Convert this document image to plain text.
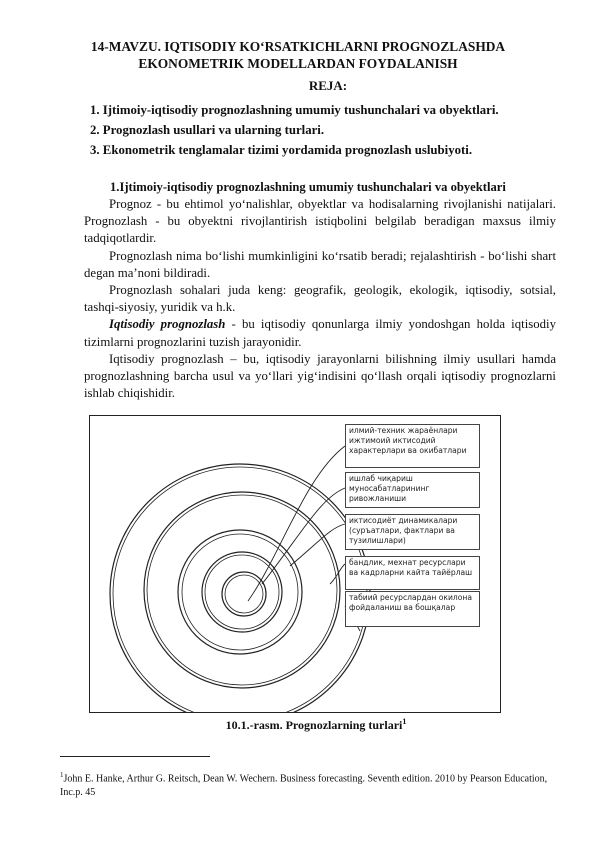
14-MAVZU. IQTISODIY KO‘RSATKICHLARNI PROGNOZLASHDA
EKONOMETRIK MODELLARDAN FOYDALANISH
REJA:
1. Ijtimoiy-iqtisodiy prognozlashning umumiy tushunchalari va obyektlari.
2. Prognozlash usullari va ularning turlari.
3. Ekonometrik tenglamalar tizimi yordamida prognozlash uslubiyoti.
1.Ijtimoiy-iqtisodiy prognozlashning umumiy tushunchalari va obyektlari

Prognoz - bu ehtimol yo‘nalishlar, obyektlar va hodisalarning rivojlanishi natijalari. Prognozlash - bu obyektni rivojlantirish istiqbolini belgilab beradigan maxsus ilmiy tadqiqotlardir.

Prognozlash nima bo‘lishi mumkinligini ko‘rsatib beradi; rejalashtirish - bo‘lishi shart degan ma’noni bildiradi.

Prognozlash sohalari juda keng: geografik, geologik, ekologik, iqtisodiy, sotsial, tashqi-siyosiy, yuridik va h.k.

Iqtisodiy prognozlash - bu iqtisodiy qonunlarga ilmiy yondoshgan holda iqtisodiy tizimlarni prognozlarini tuzish jarayonidir.

Iqtisodiy prognozlash – bu, iqtisodiy jarayonlarni bilishning ilmiy usullari hamda prognozlashning barcha usul va yo‘llari yig‘indisini qo‘llash orqali iqtisodiy prognozlarni ishlab chiqishidir.

илмий-техник жараёнлари ижтимоий иктисодий характерлари ва окибатлари
ишлаб чиқариш муносабатларининг ривожланиши
иктисодиёт динамикалари (суръатлари, фактлари ва тузилишлари)
бандлик, мехнат ресурслари ва кадрларни кайта тайёрлаш
табиий ресурслардан окилона фойдаланиш ва бошқалар
10.1.-rasm. Prognozlarning turlari$^1$
$^1$John E. Hanke, Arthur G. Reitsch, Dean W. Wechern. Business forecasting. Seventh edition. 2010 by Pearson Education, Inc.p. 45
